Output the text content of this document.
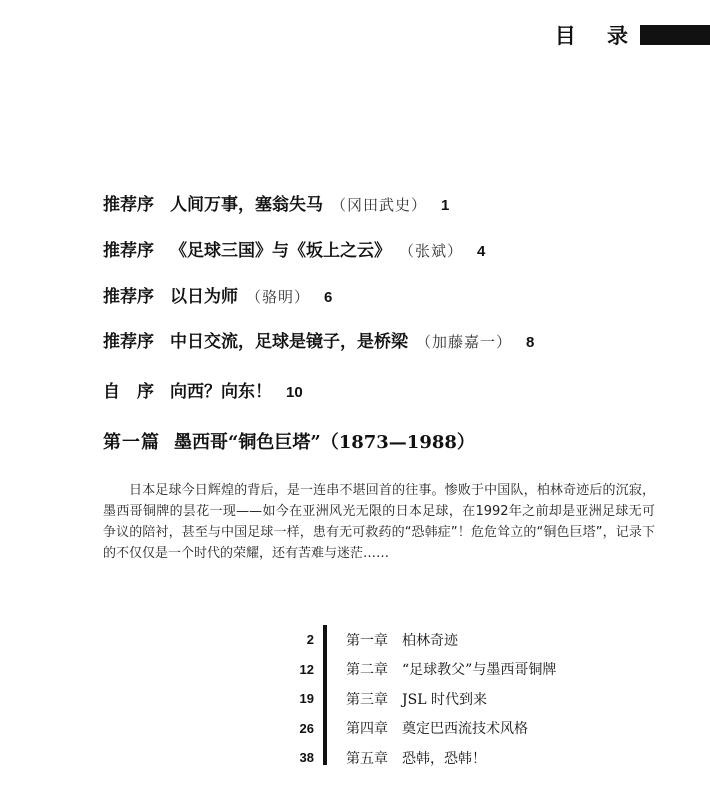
目 录
推荐序 人间万事，塞翁失马 （冈田武史） 1
推荐序 《足球三国》与《坂上之云》 （张斌） 4
推荐序 以日为师 （骆明） 6
推荐序 中日交流，足球是镜子，是桥梁 （加藤嘉一） 8
自　序 向西？向东！ 10
第一篇 墨西哥“铜色巨塔”（1873—1988）

日本足球今日辉煌的背后，是一连串不堪回首的往事。惨败于中国队，柏林奇迹后的沉寂，墨西哥铜牌的昙花一现——如今在亚洲风光无限的日本足球，在1992年之前却是亚洲足球无可争议的陪衬，甚至与中国足球一样，患有无可救药的“恐韩症”！危危耸立的“铜色巨塔”，记录下的不仅仅是一个时代的荣耀，还有苦难与迷茫……

2 第一章 柏林奇迹
12 第二章 “足球教父”与墨西哥铜牌
19 第三章 JSL 时代到来
26 第四章 奠定巴西流技术风格
38 第五章 恐韩，恐韩！
